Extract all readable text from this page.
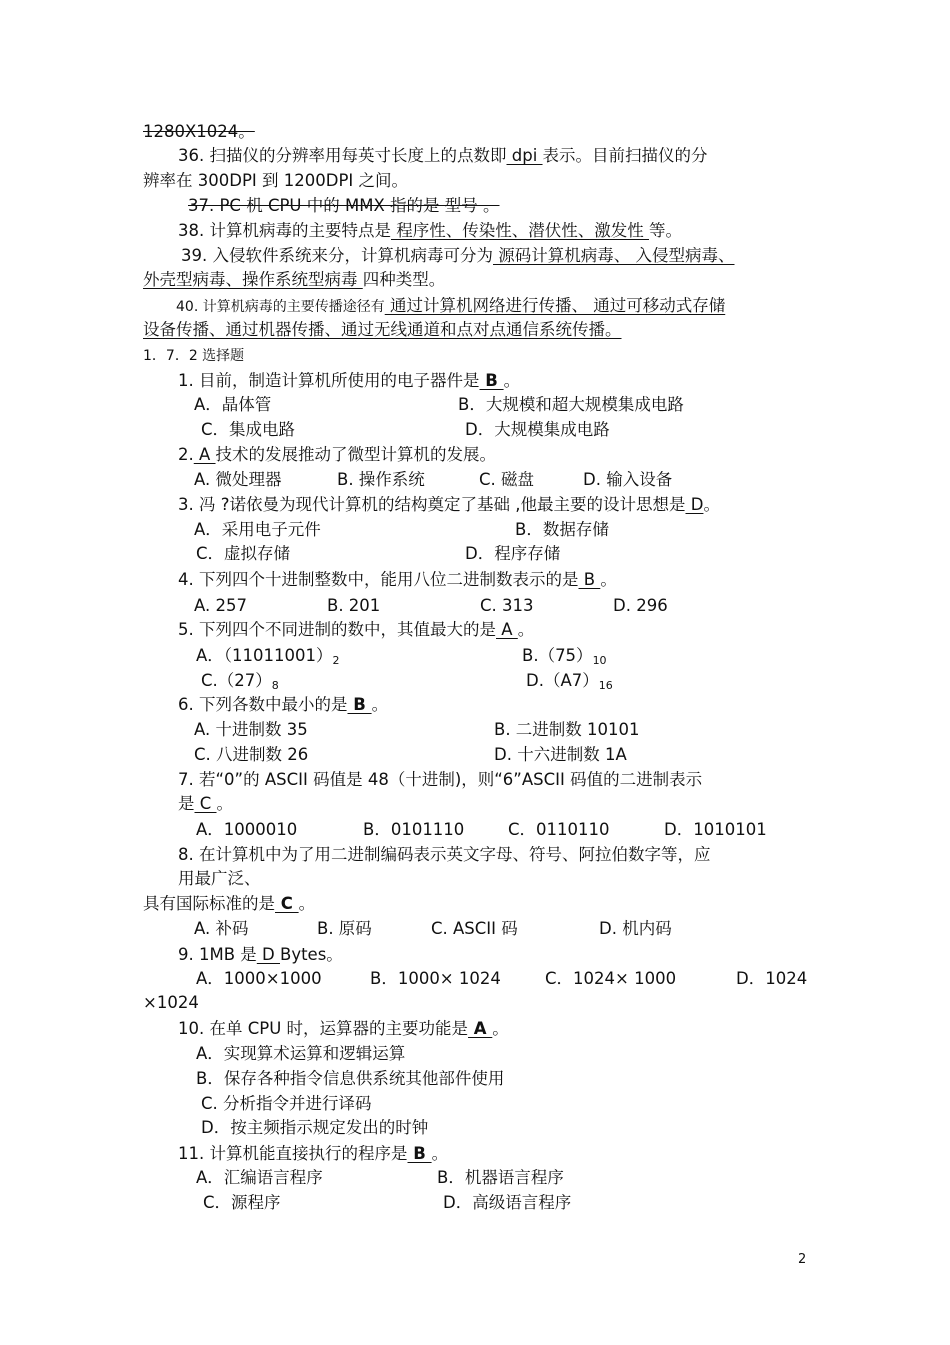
1280X1024。
36. 扫描仪的分辨率用每英寸长度上的点数即 dpi 表示。目前扫描仪的分
辨率在 300DPI 到 1200DPI 之间。
37. PC 机 CPU 中的 MMX 指的是 型号 。
38. 计算机病毒的主要特点是 程序性、传染性、潜伏性、激发性 等。
39. 入侵软件系统来分，计算机病毒可分为 源码计算机病毒、 入侵型病毒、
外壳型病毒、操作系统型病毒 四种类型。
40. 计算机病毒的主要传播途径有 通过计算机网络进行传播、 通过可移动式存储
设备传播、通过机器传播、通过无线通道和点对点通信系统传播。
1．7．2 选择题
1. 目前，制造计算机所使用的电子器件是 B 。
A．晶体管	B．大规模和超大规模集成电路
C．集成电路	D．大规模集成电路
2. A 技术的发展推动了微型计算机的发展。
A. 微处理器	B. 操作系统	C. 磁盘	D. 输入设备
3. 冯 ?诺依曼为现代计算机的结构奠定了基础 ,他最主要的设计思想是 D。
A．采用电子元件	B．数据存储
C．虚拟存储	D．程序存储
4. 下列四个十进制整数中，能用八位二进制数表示的是 B 。
A. 257	B. 201	C. 313	D. 296
5. 下列四个不同进制的数中，其值最大的是 A 。
A．$(11011001)_2$	$B.(75)_{10}$
$C.(27)_8$	$D.(A7)_{16}$
6. 下列各数中最小的是 B 。
A. 十进制数 35	B. 二进制数 10101
C. 八进制数 26	D. 十六进制数 1A
7. 若“0”的 ASCII 码值是 48（十进制)，则“6”ASCII 码值的二进制表示
是 C 。
A．1000010	B．0101110	C．0110110	D．1010101
8. 在计算机中为了用二进制编码表示英文字母、符号、阿拉伯数字等，应
用最广泛、
具有国际标准的是 C 。
A. 补码	B. 原码	C. ASCII 码	D. 机内码
9. 1MB 是 D Bytes。
A．1000×1000	B．1000× 1024	C．1024× 1000	D．1024
×1024
10. 在单 CPU 时，运算器的主要功能是 A 。
A．实现算术运算和逻辑运算
B．保存各种指令信息供系统其他部件使用
C. 分析指令并进行译码
D．按主频指示规定发出的时钟
11. 计算机能直接执行的程序是 B 。
A．汇编语言程序	B．机器语言程序
C．源程序	D．高级语言程序
2
